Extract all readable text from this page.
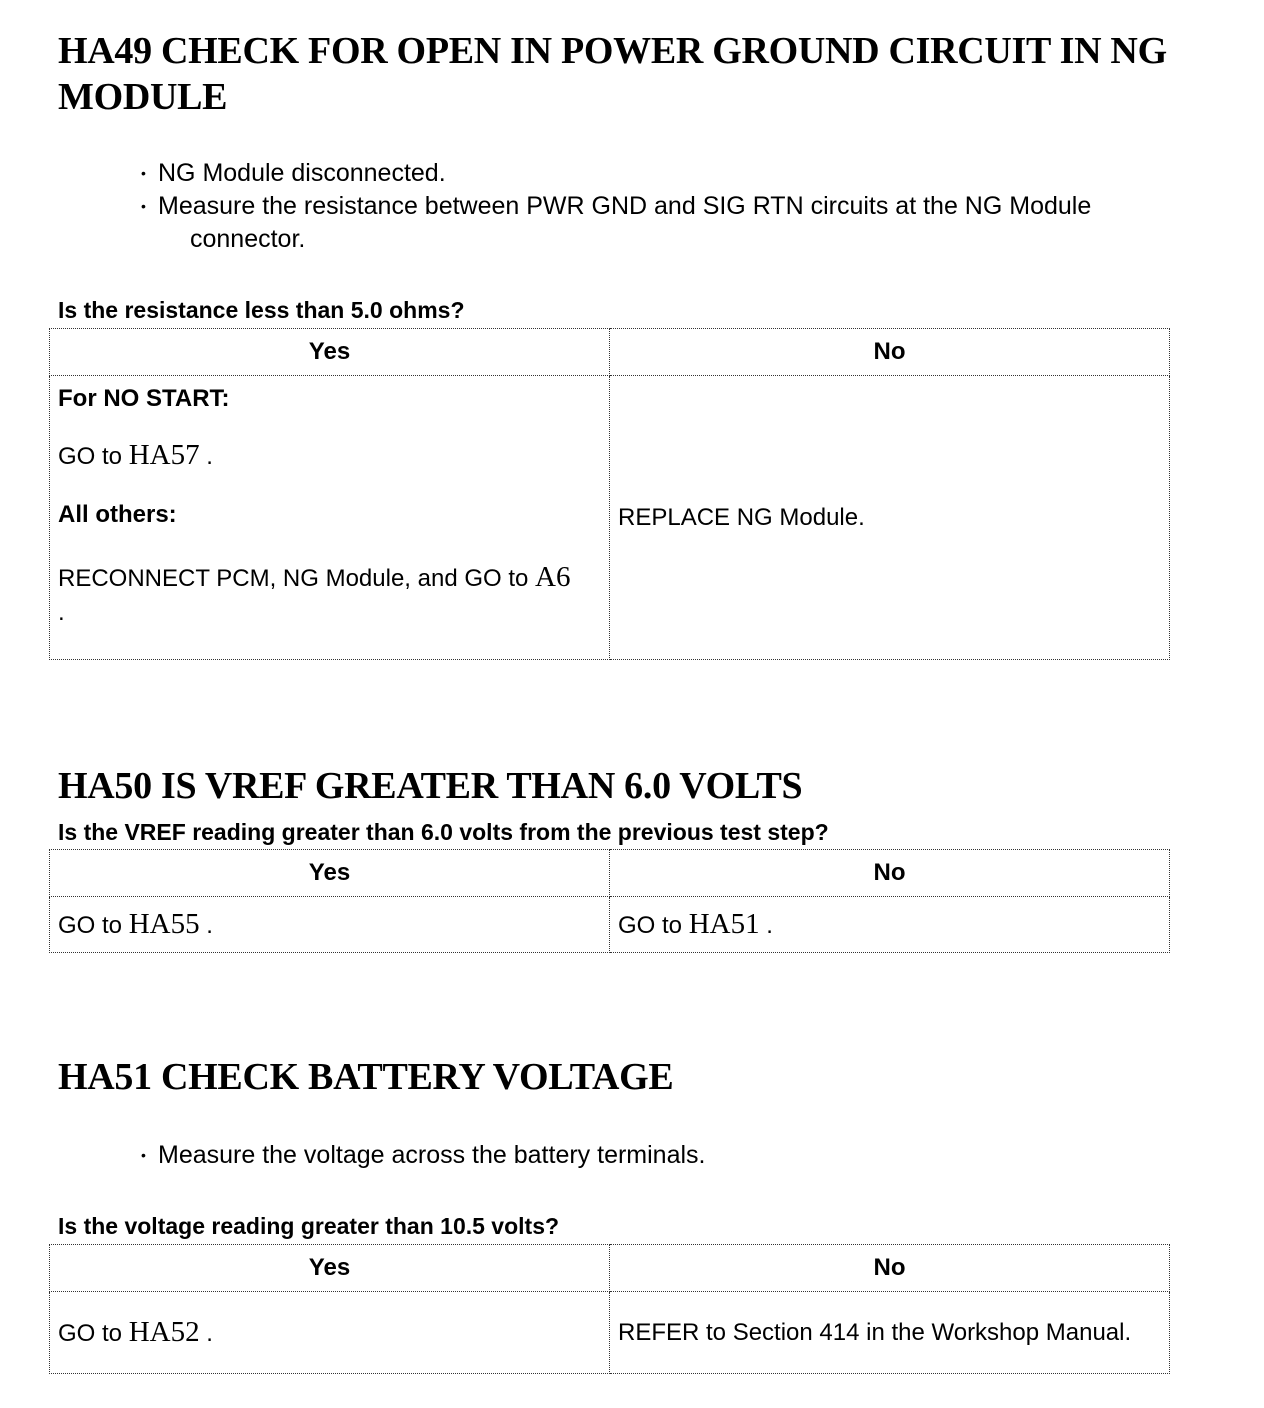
HA49 CHECK FOR OPEN IN POWER GROUND CIRCUIT IN NG MODULE
• NG Module disconnected.
• Measure the resistance between PWR GND and SIG RTN circuits at the NG Module
connector.
Is the resistance less than 5.0 ohms?
Yes	No

For NO START:
GO to HA57 .
All others:
RECONNECT PCM, NG Module, and GO to A6 .	REPLACE NG Module.
HA50 IS VREF GREATER THAN 6.0 VOLTS
Is the VREF reading greater than 6.0 volts from the previous test step?
Yes	No
GO to HA55 .	GO to HA51 .
HA51 CHECK BATTERY VOLTAGE
• Measure the voltage across the battery terminals.
Is the voltage reading greater than 10.5 volts?
Yes	No
GO to HA52 .	REFER to Section 414 in the Workshop Manual.
